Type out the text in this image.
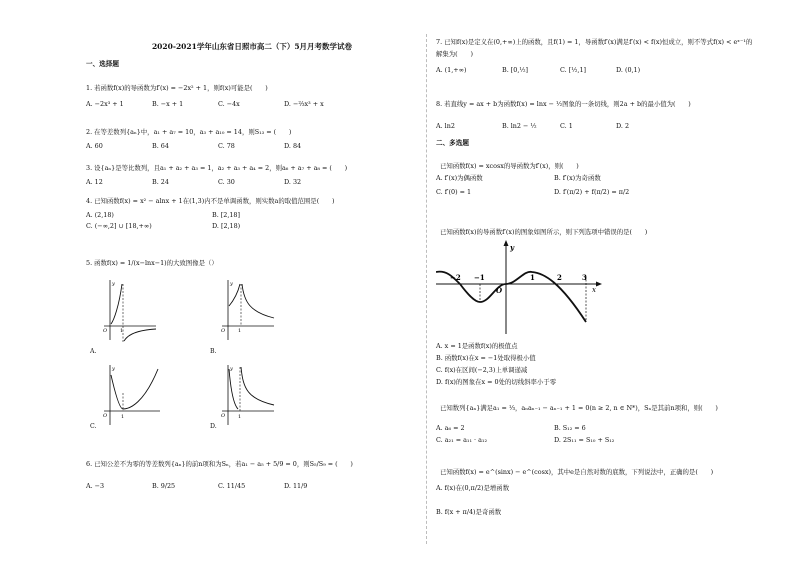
2020-2021学年山东省日照市高二（下）5月月考数学试卷
一、选择题
1. 若函数f(x)的导函数为f′(x) = −2x² + 1，则f(x)可能是(　　)
A. −2x³ + 1	B. −x + 1	C. −4x	D. −⅔x³ + x
2. 在等差数列{aₙ}中，a₁ + a₇ = 10，a₃ + a₁₀ = 14，则S₁₃ = (　　)
A. 60	B. 64	C. 78	D. 84
3. 设{aₙ}是等比数列，且a₁ + a₂ + a₃ = 1，a₂ + a₃ + a₄ = 2，则a₆ + a₇ + a₈ = (　　)
A. 12	B. 24	C. 30	D. 32
4. 已知函数f(x) = x² − alnx + 1在(1,3)内不是单调函数，则实数a的取值范围是(　　)
A. (2,18)	B. [2,18]
C. (−∞,2] ∪ [18,+∞)	D. [2,18)
5. 函数f(x) = 1/(x−lnx−1)的大致图像是（）
y
O	1
A.
y
O	1
B.
y
O	1
C.
y
O	1
D.
6. 已知公差不为零的等差数列{aₙ}的前n项和为Sₙ，若a₁ − a₅ + 5/9 = 0，则S₅/S₉ = (　　)
A. −3	B. 9/25	C. 11/45	D. 11/9
7. 已知f(x)是定义在(0,+∞)上的函数，且f(1) = 1，导函数f′(x)满足f′(x) < f(x)恒成立，则不等式f(x) < eˣ⁻¹的
解集为(　　)
A. (1,+∞)	B. [0,½]	C. [½,1]	D. (0,1)
8. 若直线y = ax + b为函数f(x) = lnx − ½图象的一条切线，则2a + b的最小值为(　　)
A. ln2	B. ln2 − ½	C. 1	D. 2
二、多选题
已知函数f(x) = xcosx的导函数为f′(x)，则(　　)
A. f′(x)为偶函数	B. f′(x)为奇函数
C. f′(0) = 1	D. f′(π/2) + f(π/2) = π/2
已知函数f(x)的导函数f′(x)的图象如图所示，则下列选项中错误的是(　　)
y
x
O
−2 −1	1	2	3
A. x = 1是函数f(x)的极值点
B. 函数f(x)在x = −1处取得极小值
C. f(x)在区间(−2,3)上单调递减
D. f(x)的图象在x = 0处的切线斜率小于零
已知数列{aₙ}满足a₁ = ⅓，aₙaₙ₋₁ − aₙ₋₁ + 1 = 0(n ≥ 2, n ∈ N*)，Sₙ是其前n项和，则(　　)
A. a₆ = 2	B. S₁₂ = 6
C. a₂₁ = a₁₁ · a₁₂	D. 2S₁₁ = S₁₀ + S₁₂
已知函数f(x) = e^(sinx) − e^(cosx)，其中e是自然对数的底数，下列说法中，正确的是(　　)
A. f(x)在(0,π/2)是增函数
B. f(x + π/4)是奇函数
